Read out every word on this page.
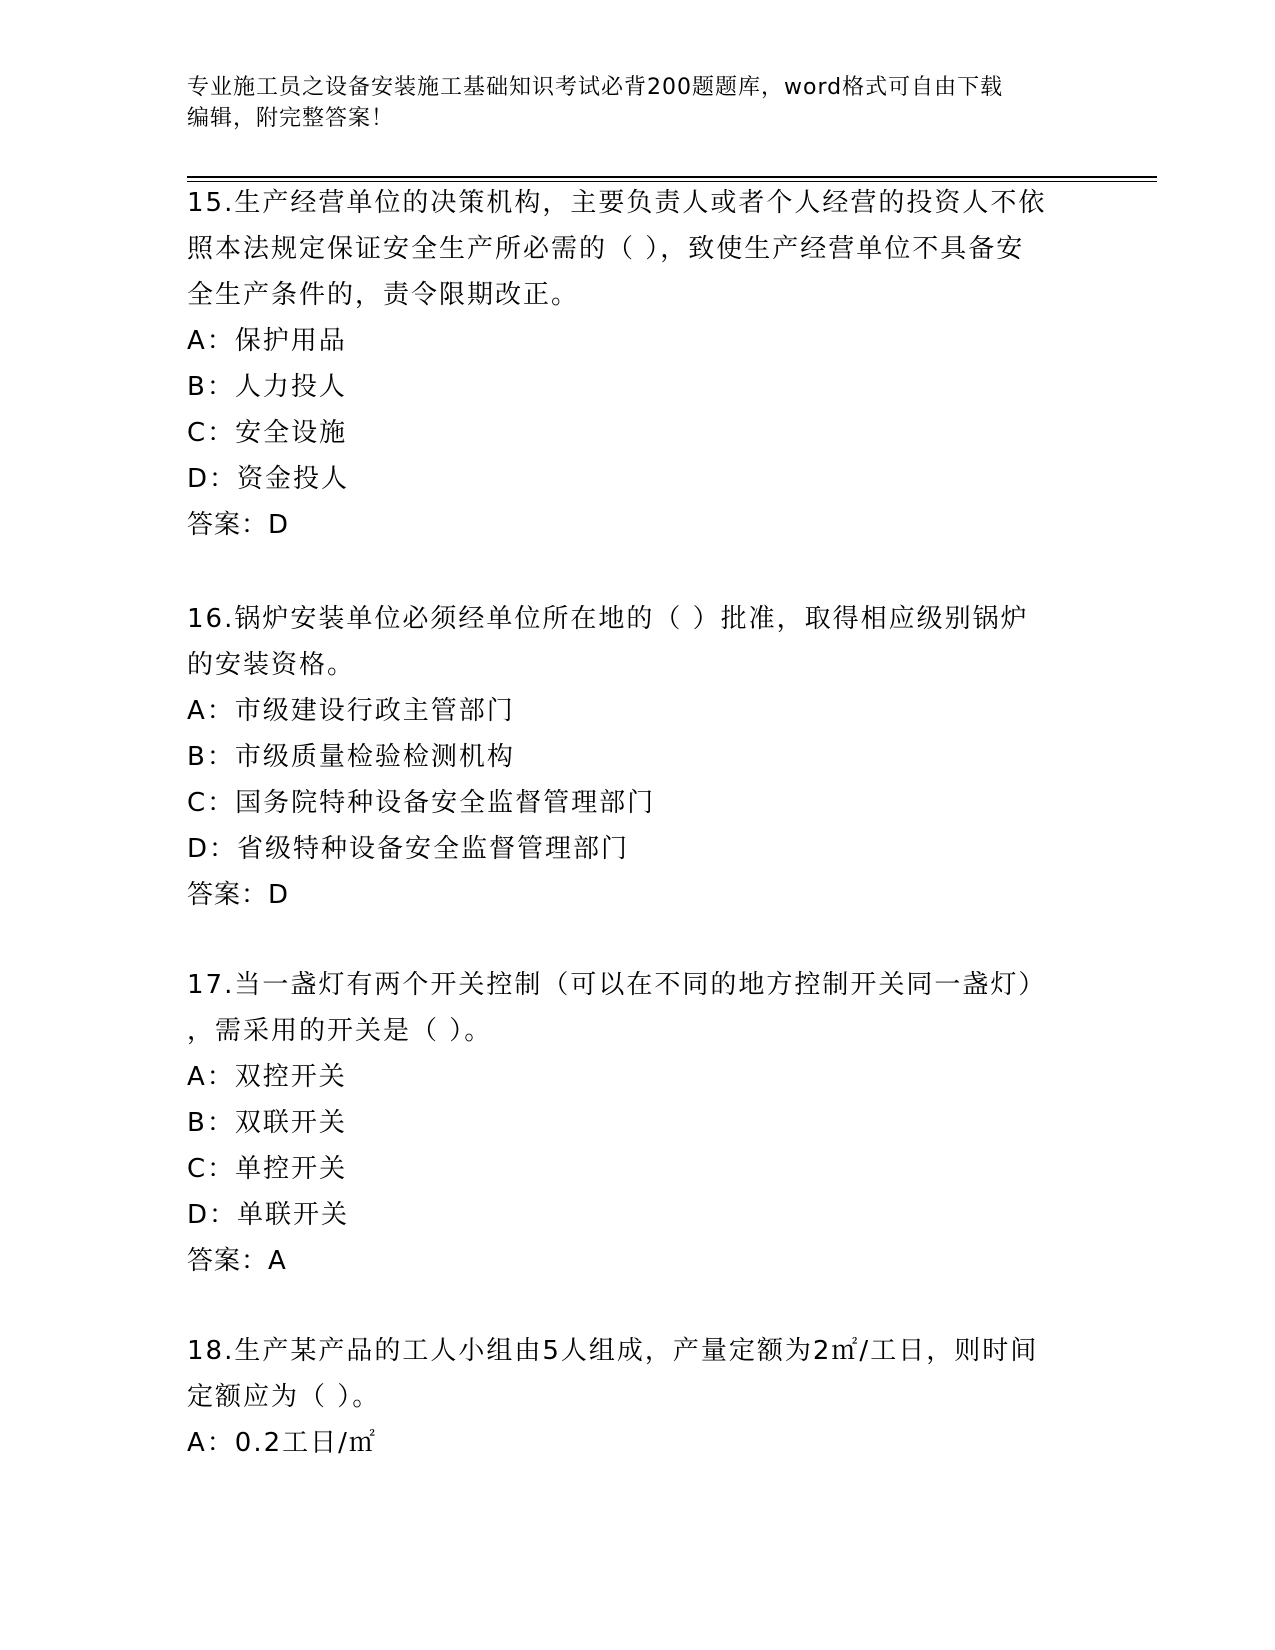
专业施工员之设备安装施工基础知识考试必背200题题库，word格式可自由下载
编辑，附完整答案！
15.生产经营单位的决策机构，主要负责人或者个人经营的投资人不依
照本法规定保证安全生产所必需的（ ），致使生产经营单位不具备安
全生产条件的，责令限期改正。
A：保护用品
B：人力投人
C：安全设施
D：资金投人
答案：D
16.锅炉安装单位必须经单位所在地的（ ）批准，取得相应级别锅炉
的安装资格。
A：市级建设行政主管部门
B：市级质量检验检测机构
C：国务院特种设备安全监督管理部门
D：省级特种设备安全监督管理部门
答案：D
17.当一盏灯有两个开关控制（可以在不同的地方控制开关同一盏灯）
，需采用的开关是（ ）。
A：双控开关
B：双联开关
C：单控开关
D：单联开关
答案：A
18.生产某产品的工人小组由5人组成，产量定额为2㎡/工日，则时间
定额应为（ ）。
A：0.2工日/㎡
